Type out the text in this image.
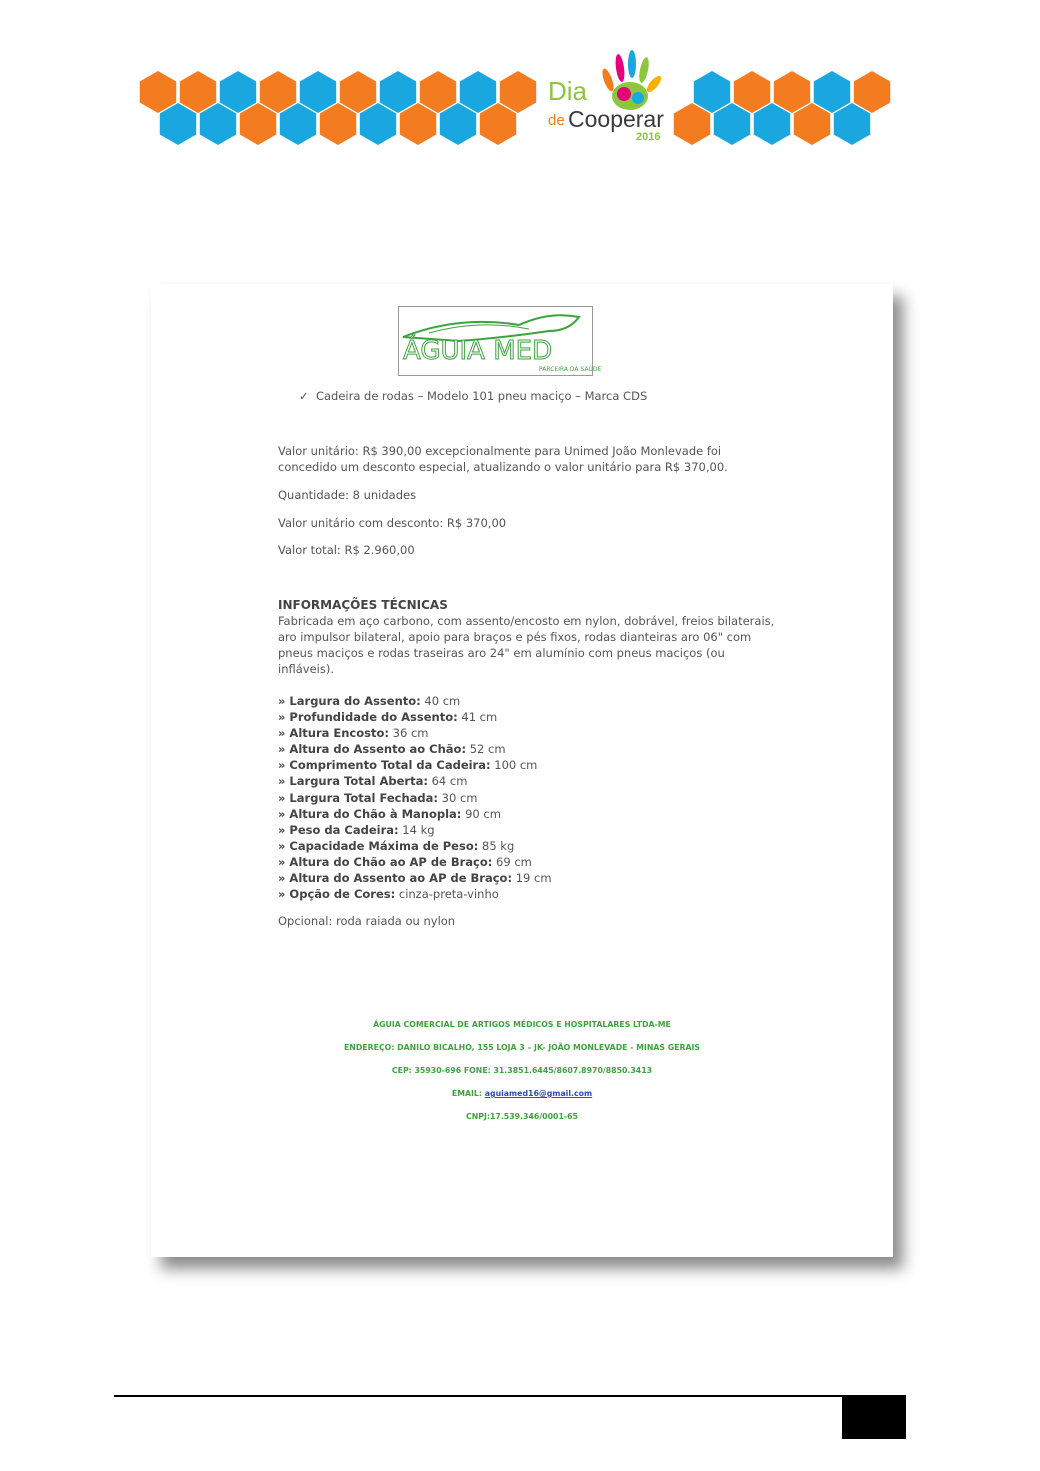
Dia
de Cooperar
2016
ÁGUIA MED
PARCEIRA DA SAÚDE
✓  Cadeira de rodas – Modelo 101 pneu maciço – Marca CDS
Valor unitário: R$ 390,00 excepcionalmente para Unimed João Monlevade foi concedido um desconto especial, atualizando o valor unitário para R$ 370,00.
Quantidade: 8 unidades
Valor unitário com desconto: R$ 370,00
Valor total: R$ 2.960,00
INFORMAÇÕES TÉCNICAS
Fabricada em aço carbono, com assento/encosto em nylon, dobrável, freios bilaterais, aro impulsor bilateral, apoio para braços e pés fixos, rodas dianteiras aro 06" com pneus maciços e rodas traseiras aro 24" em alumínio com pneus maciços (ou infláveis).
» Largura do Assento: 40 cm
» Profundidade do Assento: 41 cm
» Altura Encosto: 36 cm
» Altura do Assento ao Chão: 52 cm
» Comprimento Total da Cadeira: 100 cm
» Largura Total Aberta: 64 cm
» Largura Total Fechada: 30 cm
» Altura do Chão à Manopla: 90 cm
» Peso da Cadeira: 14 kg
» Capacidade Máxima de Peso: 85 kg
» Altura do Chão ao AP de Braço: 69 cm
» Altura do Assento ao AP de Braço: 19 cm
» Opção de Cores: cinza-preta-vinho
Opcional: roda raiada ou nylon
ÁGUIA COMERCIAL DE ARTIGOS MÉDICOS E HOSPITALARES LTDA-ME
ENDEREÇO: DANILO BICALHO, 155 LOJA 3 – JK- JOÃO MONLEVADE - MINAS GERAIS
CEP: 35930-696 FONE: 31.3851.6445/8607.8970/8850.3413
EMAIL: aguiamed16@gmail.com
CNPJ:17.539.346/0001-65
